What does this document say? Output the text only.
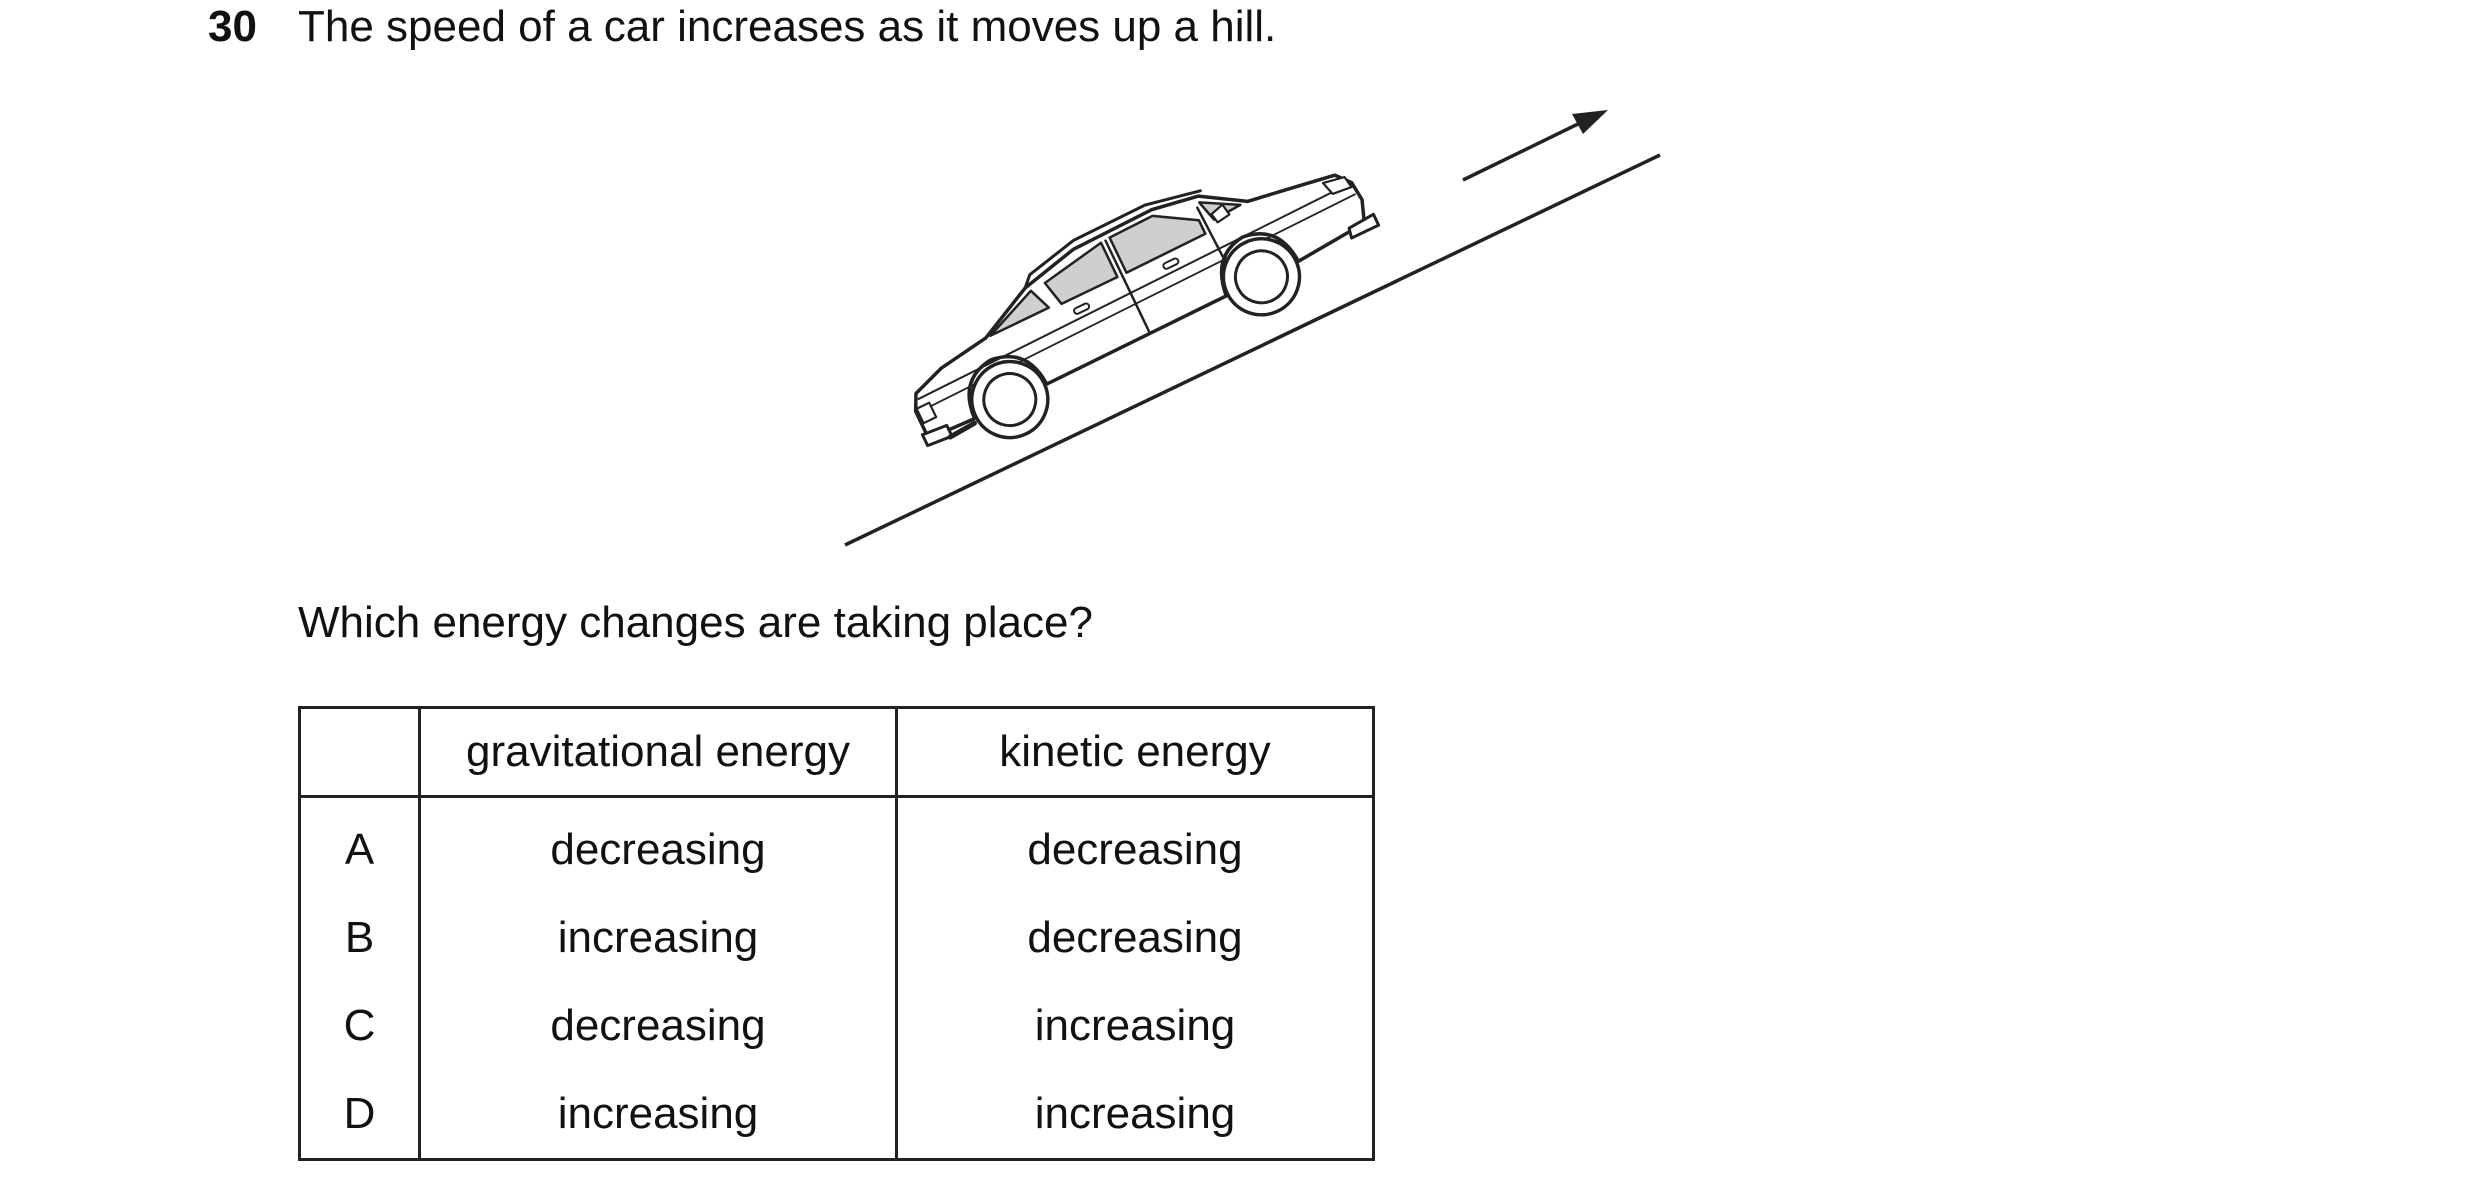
30 The speed of a car increases as it moves up a hill.
Which energy changes are taking place?
	gravitational energy	kinetic energy
A	decreasing	decreasing
B	increasing	decreasing
C	decreasing	increasing
D	increasing	increasing
